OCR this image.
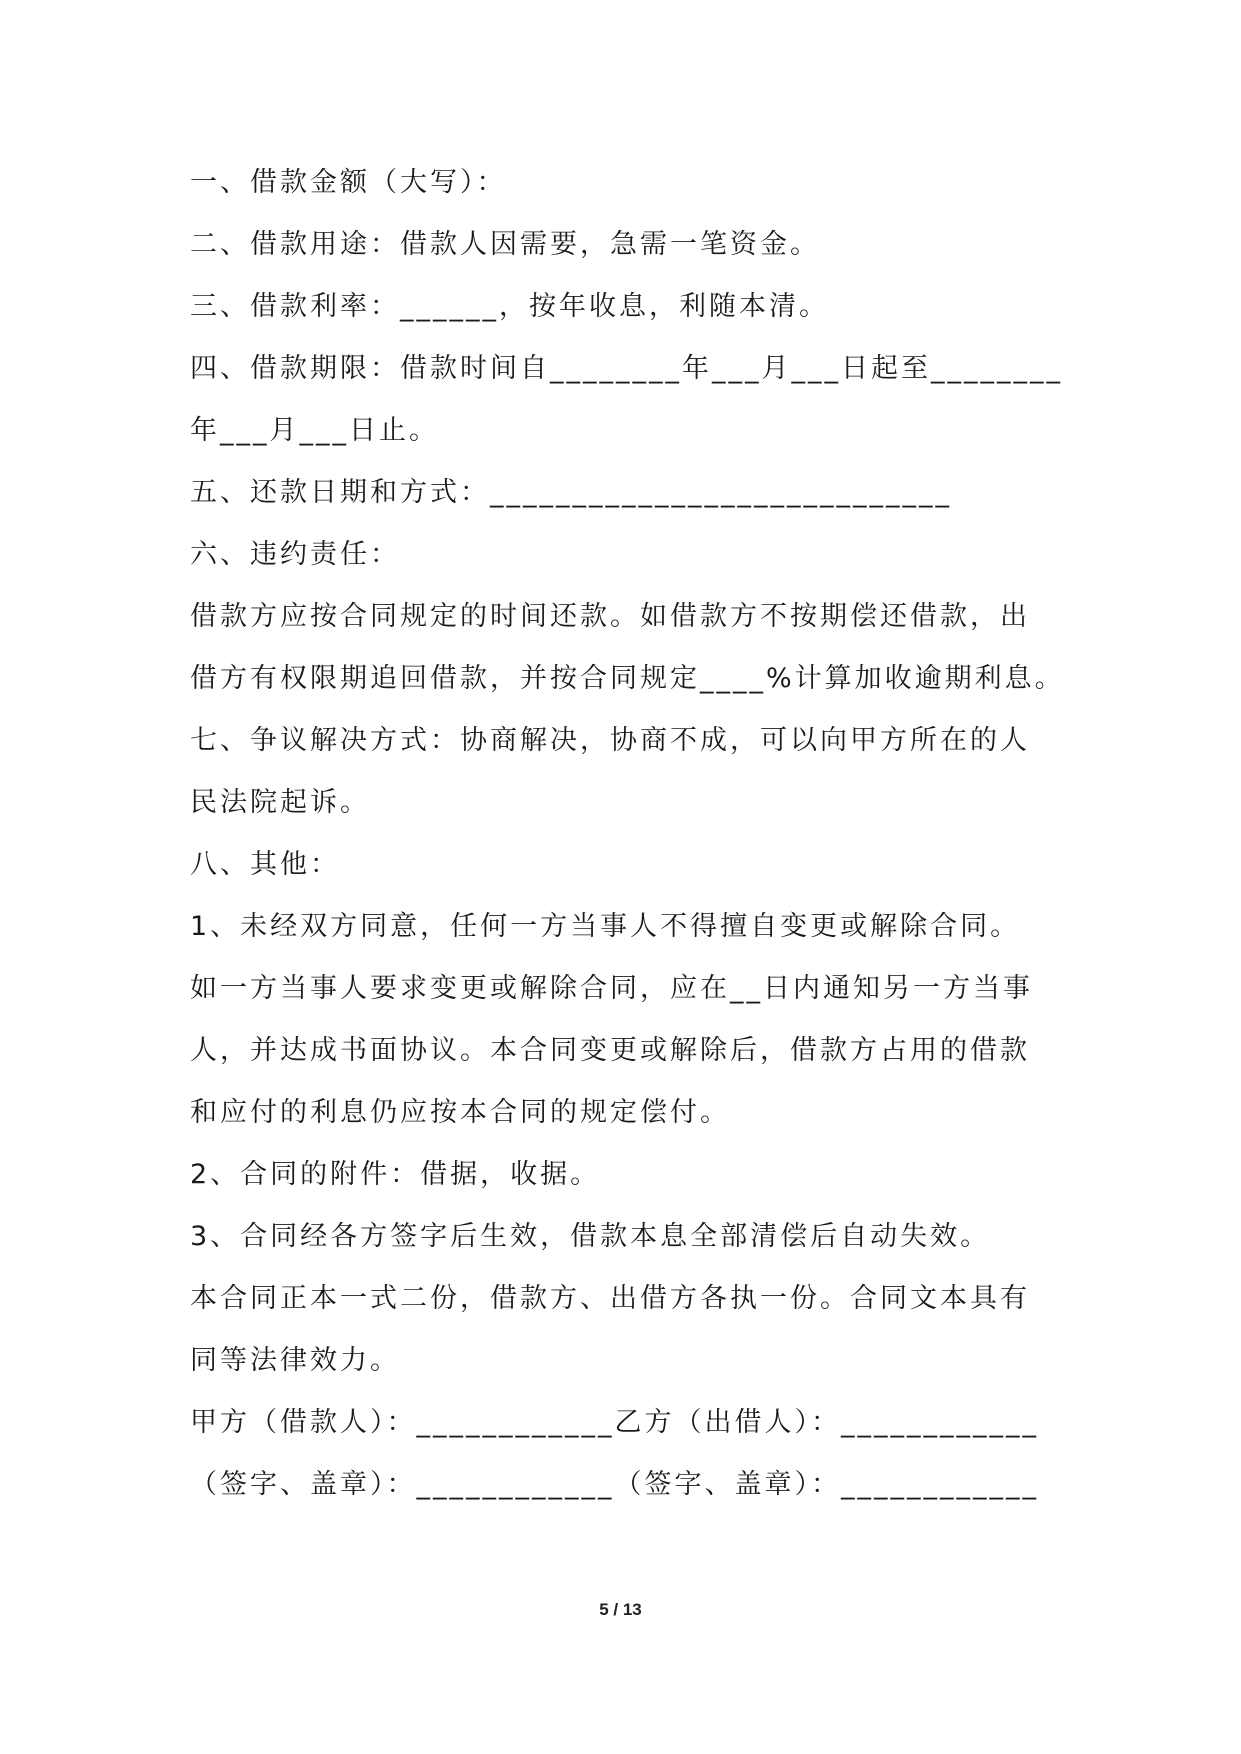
一、借款金额（大写）：
二、借款用途：借款人因需要，急需一笔资金。
三、借款利率：______，按年收息，利随本清。
四、借款期限：借款时间自________年___月___日起至________
年___月___日止。
五、还款日期和方式：____________________________
六、违约责任：
借款方应按合同规定的时间还款。如借款方不按期偿还借款，出
借方有权限期追回借款，并按合同规定____%计算加收逾期利息。
七、争议解决方式：协商解决，协商不成，可以向甲方所在的人
民法院起诉。
八、其他：
1、未经双方同意，任何一方当事人不得擅自变更或解除合同。
如一方当事人要求变更或解除合同，应在__日内通知另一方当事
人，并达成书面协议。本合同变更或解除后，借款方占用的借款
和应付的利息仍应按本合同的规定偿付。
2、合同的附件：借据，收据。
3、合同经各方签字后生效，借款本息全部清偿后自动失效。
本合同正本一式二份，借款方、出借方各执一份。合同文本具有
同等法律效力。
甲方（借款人）：____________乙方（出借人）：____________
（签字、盖章）：____________（签字、盖章）：____________
5 / 13
